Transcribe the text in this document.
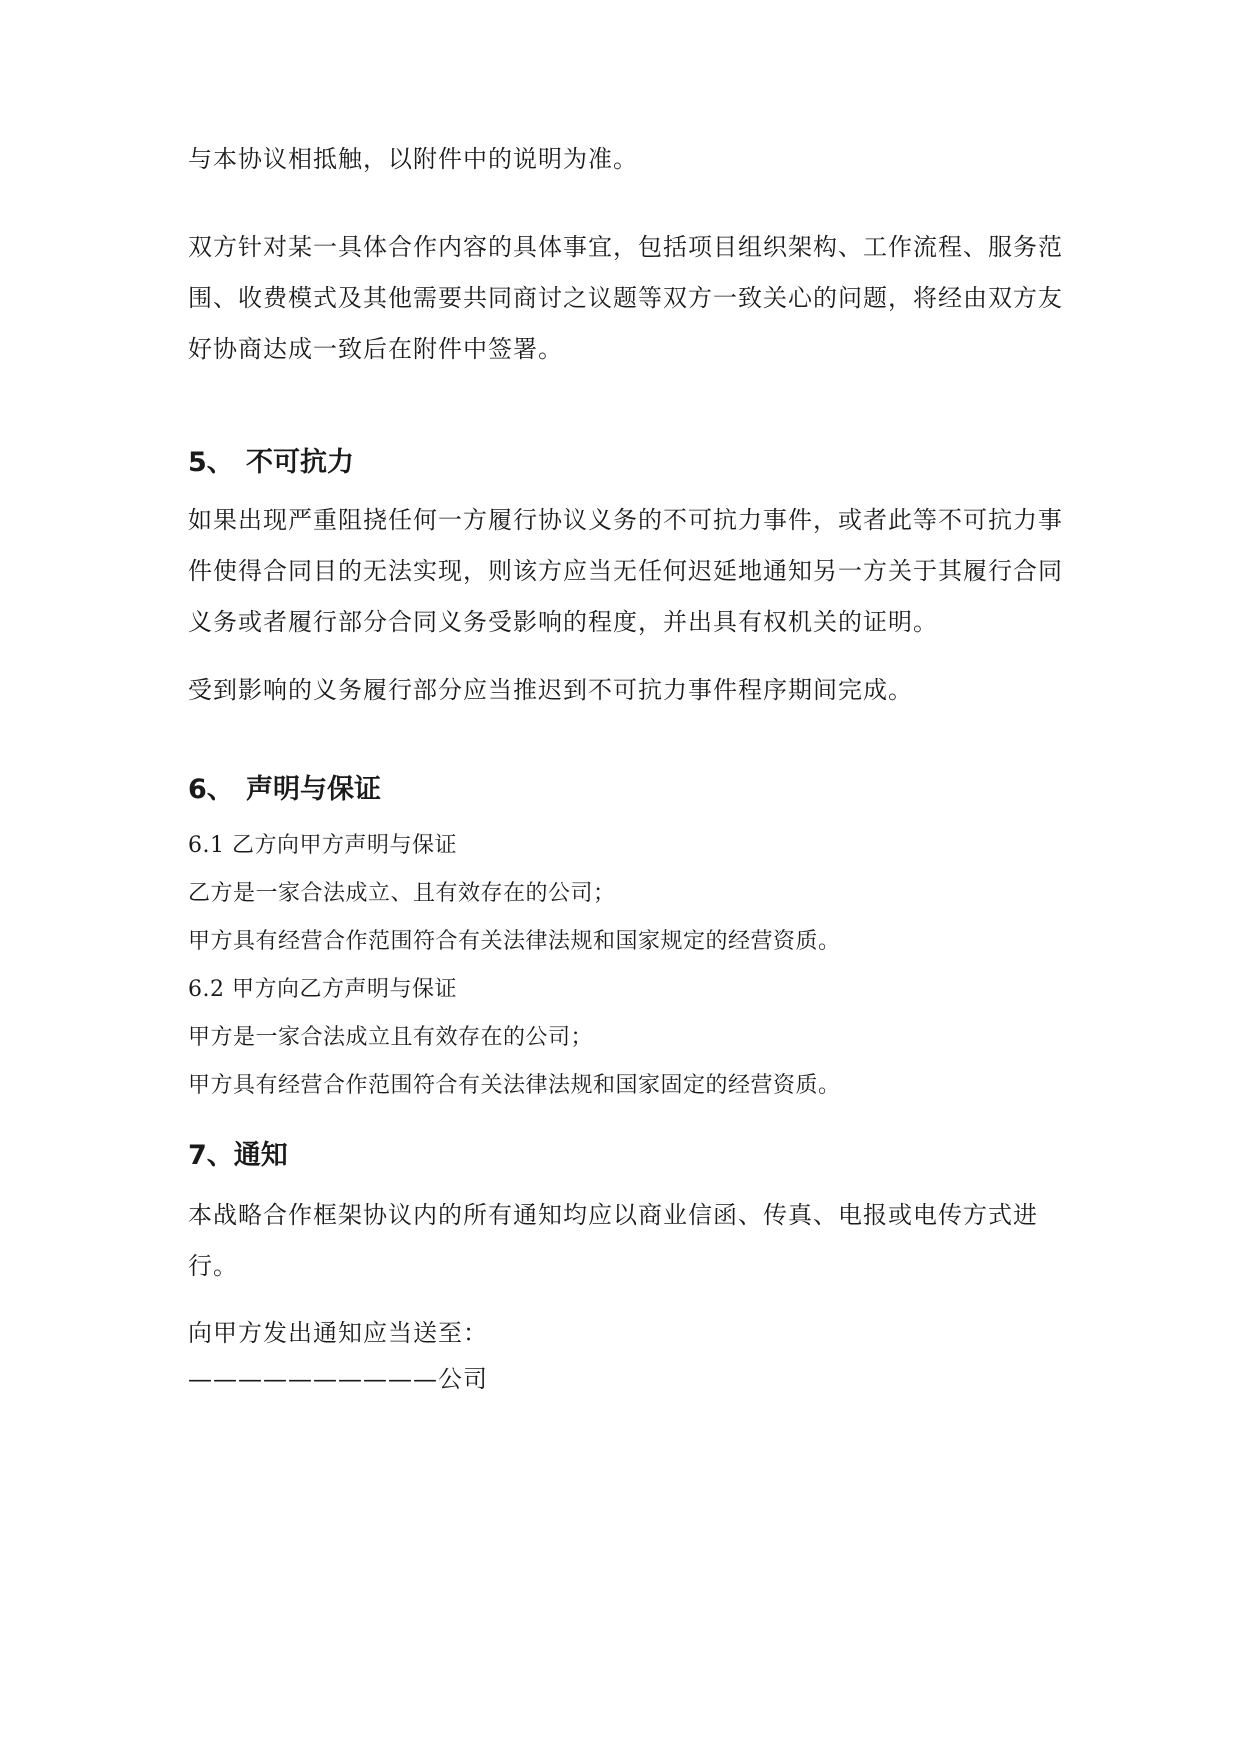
与本协议相抵触，以附件中的说明为准。

双方针对某一具体合作内容的具体事宜，包括项目组织架构、工作流程、服务范围、收费模式及其他需要共同商讨之议题等双方一致关心的问题，将经由双方友好协商达成一致后在附件中签署。

5、 不可抗力

如果出现严重阻挠任何一方履行协议义务的不可抗力事件，或者此等不可抗力事件使得合同目的无法实现，则该方应当无任何迟延地通知另一方关于其履行合同义务或者履行部分合同义务受影响的程度，并出具有权机关的证明。

受到影响的义务履行部分应当推迟到不可抗力事件程序期间完成。

6、 声明与保证
6.1 乙方向甲方声明与保证
乙方是一家合法成立、且有效存在的公司；
甲方具有经营合作范围符合有关法律法规和国家规定的经营资质。
6.2 甲方向乙方声明与保证
甲方是一家合法成立且有效存在的公司；
甲方具有经营合作范围符合有关法律法规和国家固定的经营资质。
7、通知

本战略合作框架协议内的所有通知均应以商业信函、传真、电报或电传方式进行。

向甲方发出通知应当送至：

——————————公司
